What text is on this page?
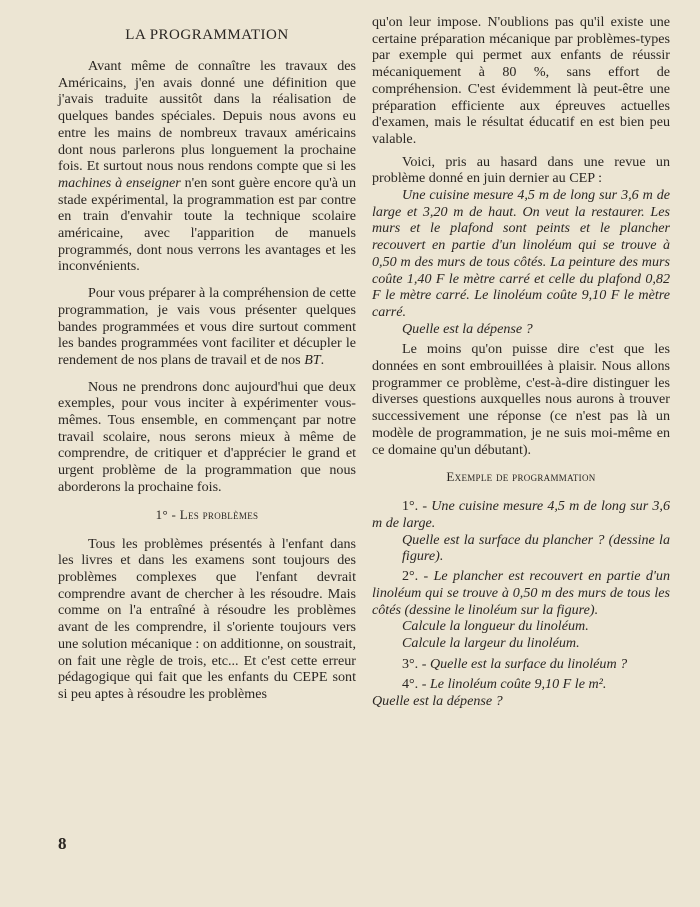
LA PROGRAMMATION

Avant même de connaître les travaux des Américains, j'en avais donné une définition que j'avais traduite aussitôt dans la réalisation de quelques bandes spéciales. Depuis nous avons eu entre les mains de nombreux travaux américains dont nous parlerons plus longuement la prochaine fois. Et surtout nous nous rendons compte que si les machines à enseigner n'en sont guère encore qu'à un stade expérimental, la programmation est par contre en train d'envahir toute la technique scolaire américaine, avec l'apparition de manuels programmés, dont nous verrons les avantages et les inconvénients.

Pour vous préparer à la compréhension de cette programmation, je vais vous présenter quelques bandes programmées et vous dire surtout comment les bandes programmées vont faciliter et décupler le rendement de nos plans de travail et de nos BT.

Nous ne prendrons donc aujourd'hui que deux exemples, pour vous inciter à expérimenter vous-mêmes. Tous ensemble, en commençant par notre travail scolaire, nous serons mieux à même de comprendre, de critiquer et d'apprécier le grand et urgent problème de la programmation que nous aborderons la prochaine fois.

1° - Les problèmes

Tous les problèmes présentés à l'enfant dans les livres et dans les examens sont toujours des problèmes complexes que l'enfant devrait comprendre avant de chercher à les résoudre. Mais comme on l'a entraîné à résoudre les problèmes avant de les comprendre, il s'oriente toujours vers une solution mécanique : on additionne, on soustrait, on fait une règle de trois, etc... Et c'est cette erreur pédagogique qui fait que les enfants du CEPE sont si peu aptes à résoudre les problèmes

qu'on leur impose. N'oublions pas qu'il existe une certaine préparation mécanique par problèmes-types par exemple qui permet aux enfants de réussir mécaniquement à 80 %, sans effort de compréhension. C'est évidemment là peut-être une préparation efficiente aux épreuves actuelles d'examen, mais le résultat éducatif en est bien peu valable.

Voici, pris au hasard dans une revue un problème donné en juin dernier au CEP :

Une cuisine mesure 4,5 m de long sur 3,6 m de large et 3,20 m de haut. On veut la restaurer. Les murs et le plafond sont peints et le plancher recouvert en partie d'un linoléum qui se trouve à 0,50 m des murs de tous côtés. La peinture des murs coûte 1,40 F le mètre carré et celle du plafond 0,82 F le mètre carré. Le linoléum coûte 9,10 F le mètre carré.

Quelle est la dépense ?

Le moins qu'on puisse dire c'est que les données en sont embrouillées à plaisir. Nous allons programmer ce problème, c'est-à-dire distinguer les diverses questions auxquelles nous aurons à trouver successivement une réponse (ce n'est pas là un modèle de programmation, je ne suis moi-même en ce domaine qu'un débutant).

Exemple de programmation

1°. - Une cuisine mesure 4,5 m de long sur 3,6 m de large.

Quelle est la surface du plancher ? (dessine la figure).

2°. - Le plancher est recouvert en partie d'un linoléum qui se trouve à 0,50 m des murs de tous les côtés (dessine le linoléum sur la figure).

Calcule la longueur du linoléum.

Calcule la largeur du linoléum.

3°. - Quelle est la surface du linoléum ?

4°. - Le linoléum coûte 9,10 F le m².

Quelle est la dépense ?

8
